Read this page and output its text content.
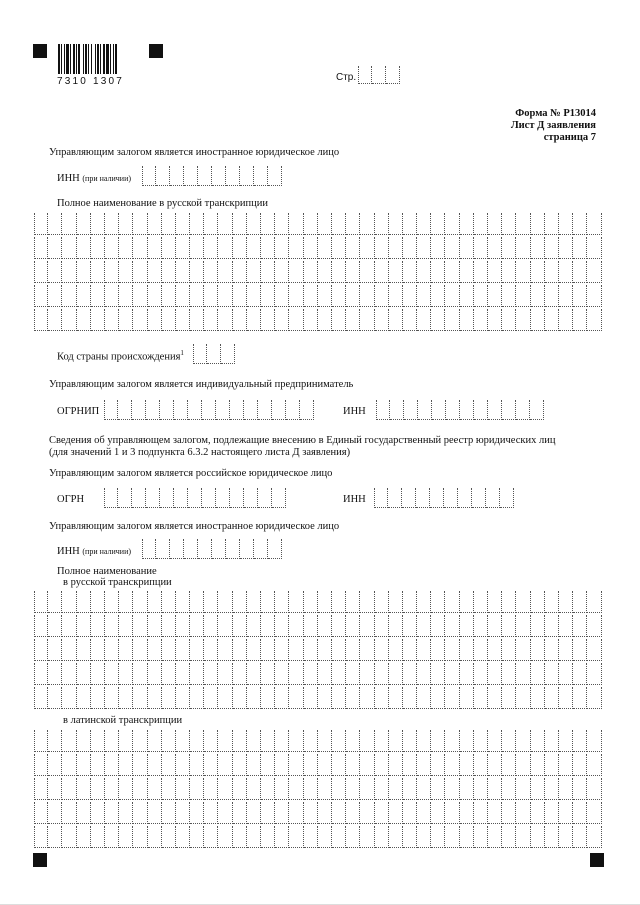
7310 1307	Стр.
Форма № Р13014
Лист Д заявления
страница 7
Управляющим залогом является иностранное юридическое лицо
ИНН (при наличии)
Полное наименование в русской транскрипции
Код страны происхождения$^1$
Управляющим залогом является индивидуальный предприниматель
ОГРНИП	ИНН
Сведения об управляющем залогом, подлежащие внесению в Единый государственный реестр юридических лиц
(для значений 1 и 3 подпункта 6.3.2 настоящего листа Д заявления)
Управляющим залогом является российское юридическое лицо
ОГРН	ИНН
Управляющим залогом является иностранное юридическое лицо
ИНН (при наличии)
Полное наименование
в русской транскрипции
в латинской транскрипции
